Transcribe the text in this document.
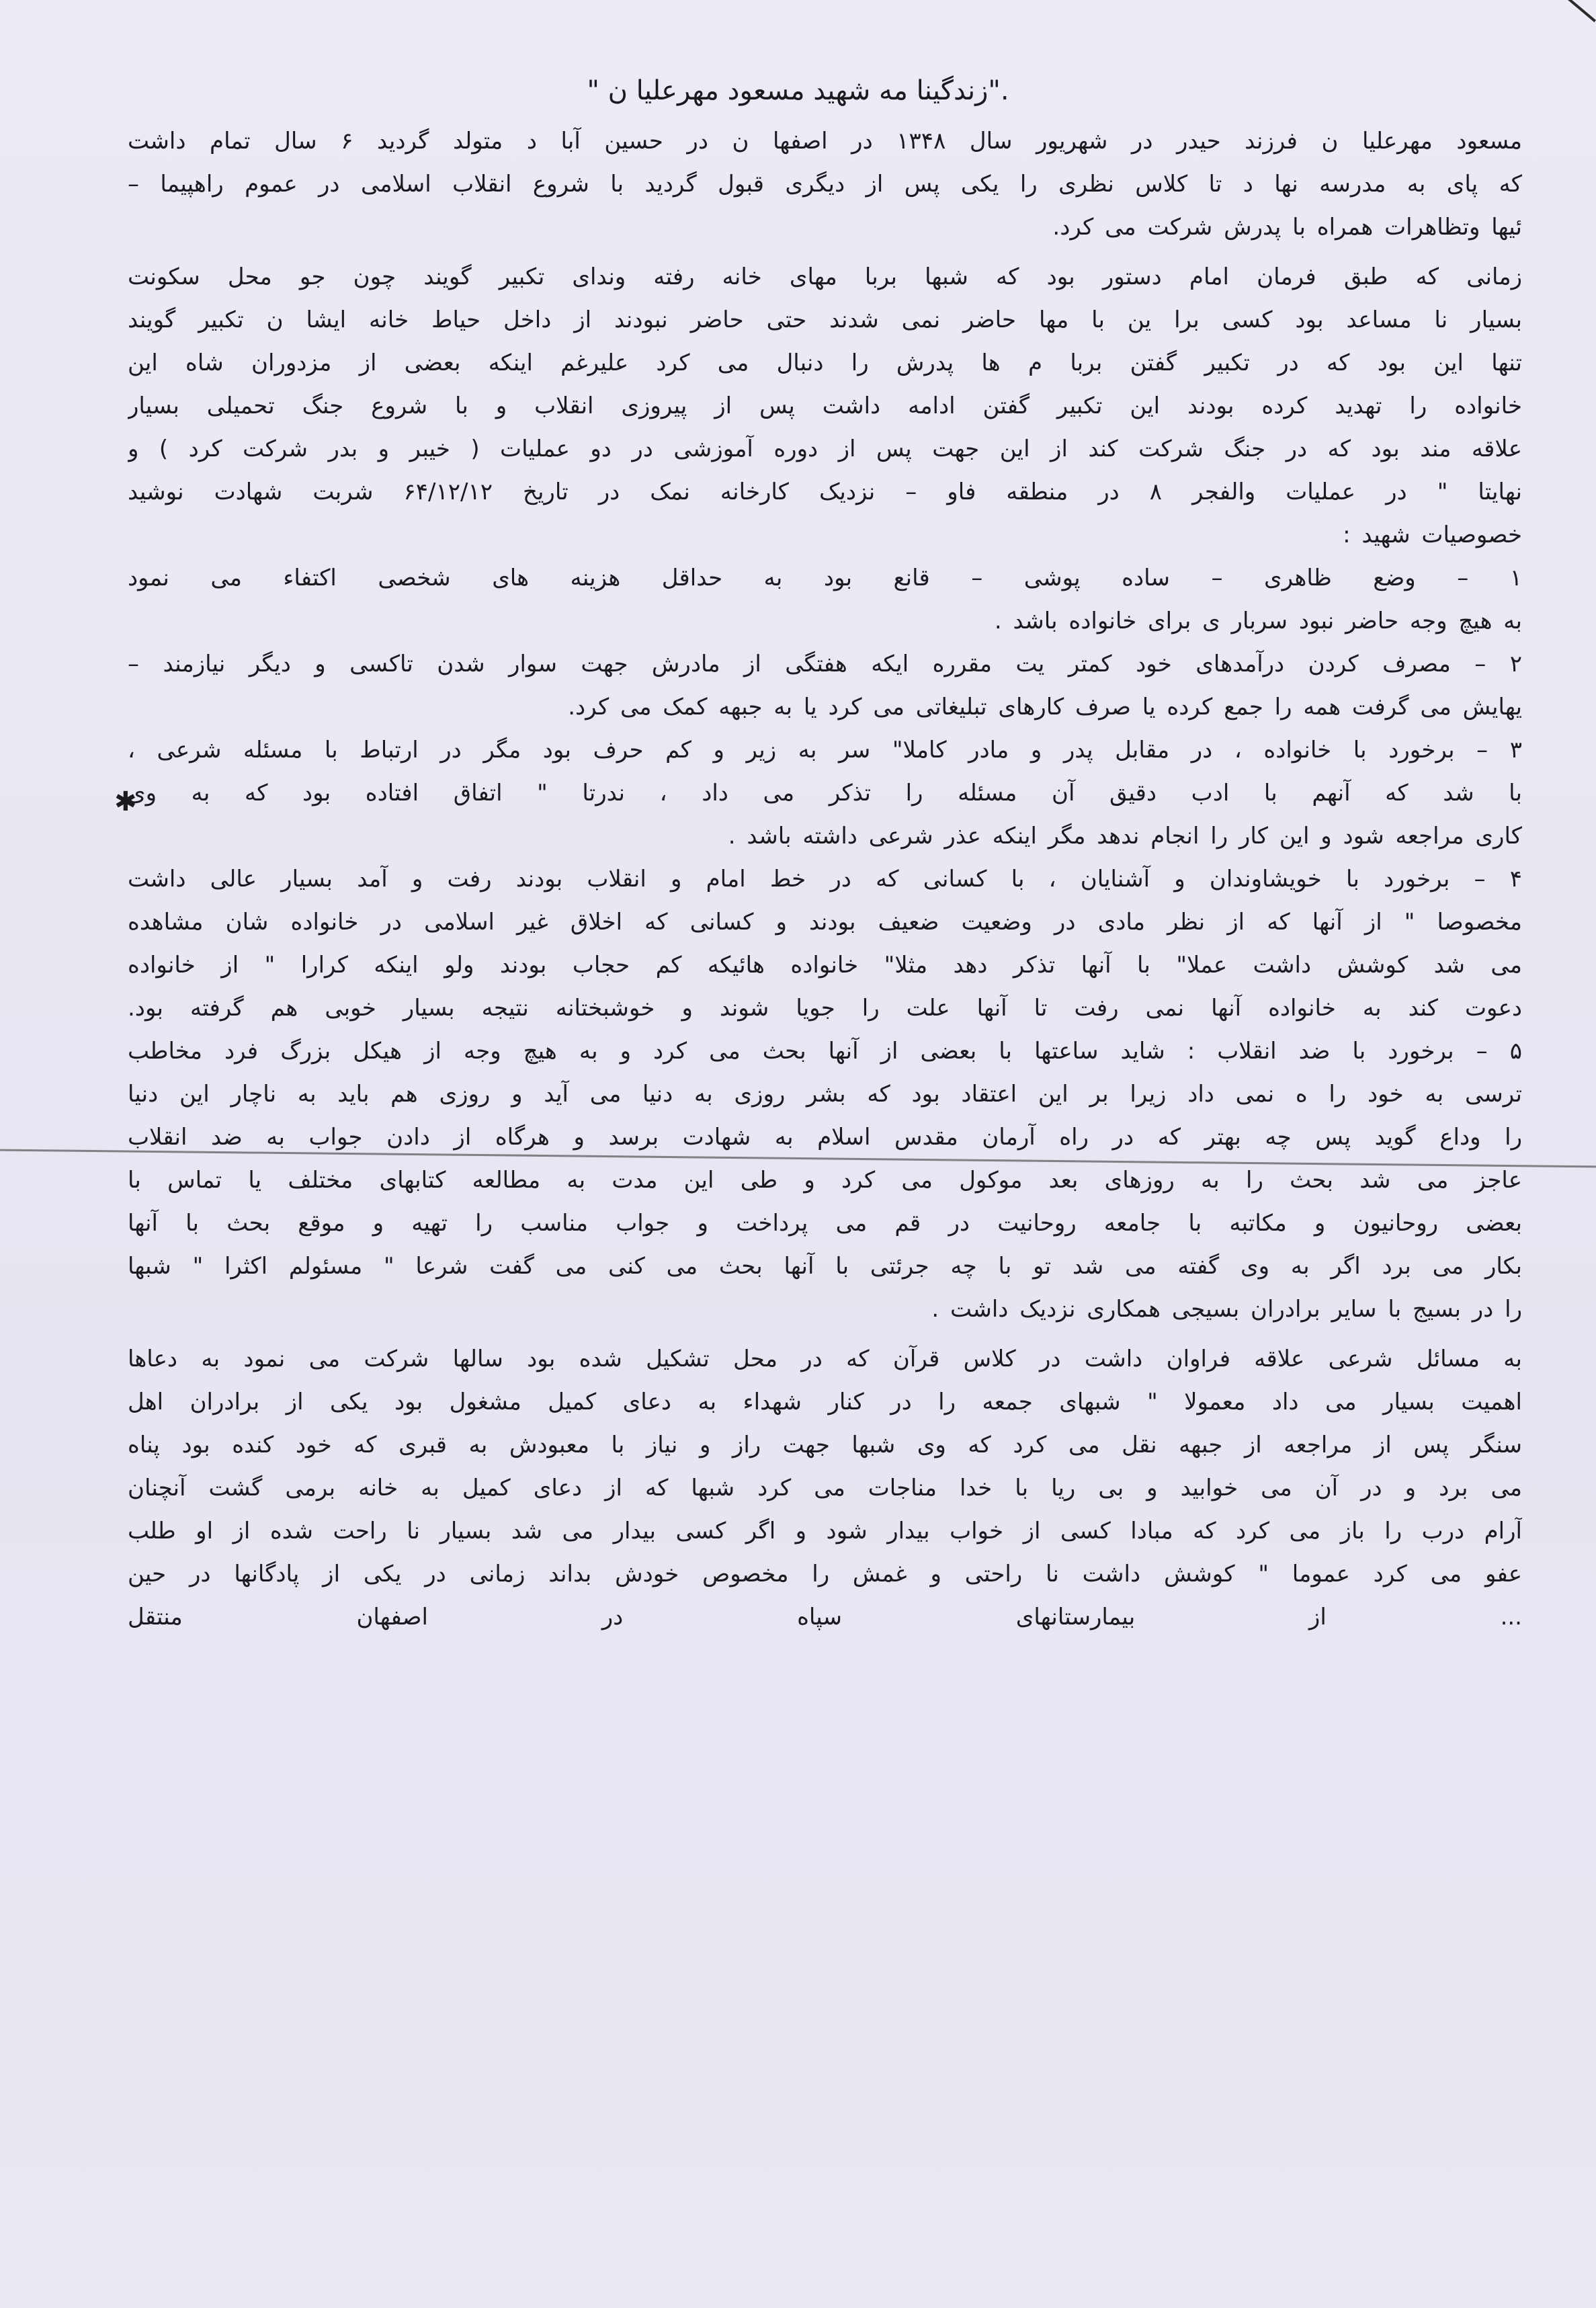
" زندگینا مه شهید مسعود مهرعلیا ن".
✱
مسعود مهرعلیا ن فرزند حیدر در شهریور سال ۱۳۴۸ در اصفها ن در حسین آبا د متولد گردید ۶ سال تمام داشت
که پای به مدرسه نها د تا کلاس نظری را یکی پس از دیگری قبول گردید با شروع انقلاب اسلامی در عموم راهپیما –
ئیها وتظاهرات همراه با پدرش شرکت می کرد.
زمانی که طبق فرمان امام دستور بود که شبها بربا مهای خانه رفته وندای تکبیر گویند چون جو محل سکونت
بسیار نا مساعد بود کسی برا ین با مها حاضر نمی شدند حتی حاضر نبودند از داخل حیاط خانه ایشا ن تکبیر گویند
تنها این بود که در تکبیر گفتن بربا م ها پدرش را دنبال می کرد علیرغم اینکه بعضی از مزدوران شاه این
خانواده را تهدید کرده بودند این تکبیر گفتن ادامه داشت پس از پیروزی انقلاب و با شروع جنگ تحمیلی بسیار
علاقه مند بود که در جنگ شرکت کند از این جهت پس از دوره آموزشی در دو عملیات ( خیبر و بدر شرکت کرد ) و
نهایتا " در عملیات والفجر ۸ در منطقه فاو – نزدیک کارخانه نمک در تاریخ ۶۴/۱۲/۱۲ شربت شهادت نوشید
خصوصیات شهید :
۱ – وضع ظاهری – ساده پوشی – قانع بود به حداقل هزینه های شخصی اکتفاء می نمود
به هیچ وجه حاضر نبود سربار ی برای خانواده باشد .
۲ – مصرف کردن درآمدهای خود کمتر یت مقرره ایکه هفتگی از مادرش جهت سوار شدن تاکسی و دیگر نیازمند –
یهایش می گرفت همه را جمع کرده یا صرف کارهای تبلیغاتی می کرد یا به جبهه کمک می کرد.
۳ – برخورد با خانواده ، در مقابل پدر و مادر کاملا" سر به زیر و کم حرف بود مگر در ارتباط با مسئله شرعی ،
با شد که آنهم با ادب دقیق آن مسئله را تذکر می داد ، ندرتا " اتفاق افتاده بود که به وی
کاری مراجعه شود و این کار را انجام ندهد مگر اینکه عذر شرعی داشته باشد .
۴ – برخورد با خویشاوندان و آشنایان ، با کسانی که در خط امام و انقلاب بودند رفت و آمد بسیار عالی داشت
مخصوصا " از آنها که از نظر مادی در وضعیت ضعیف بودند و کسانی که اخلاق غیر اسلامی در خانواده شان مشاهده
می شد کوشش داشت عملا" با آنها تذکر دهد مثلا" خانواده هائیکه کم حجاب بودند ولو اینکه کرارا " از خانواده
دعوت کند به خانواده آنها نمی رفت تا آنها علت را جویا شوند و خوشبختانه نتیجه بسیار خوبی هم گرفته بود.
۵ – برخورد با ضد انقلاب : شاید ساعتها با بعضی از آنها بحث می کرد و به هیچ وجه از هیکل بزرگ فرد مخاطب
ترسی به خود را ه نمی داد زیرا بر این اعتقاد بود که بشر روزی به دنیا می آید و روزی هم باید به ناچار این دنیا
را وداع گوید پس چه بهتر که در راه آرمان مقدس اسلام به شهادت برسد و هرگاه از دادن جواب به ضد انقلاب
عاجز می شد بحث را به روزهای بعد موکول می کرد و طی این مدت به مطالعه کتابهای مختلف یا تماس با
بعضی روحانیون و مکاتبه با جامعه روحانیت در قم می پرداخت و جواب مناسب را تهیه و موقع بحث با آنها
بکار می برد اگر به وی گفته می شد تو با چه جرئتی با آنها بحث می کنی می گفت شرعا " مسئولم اکثرا " شبها
را در بسیج با سایر برادران بسیجی همکاری نزدیک داشت .
به مسائل شرعی علاقه فراوان داشت در کلاس قرآن که در محل تشکیل شده بود سالها شرکت می نمود به دعاها
اهمیت بسیار می داد معمولا " شبهای جمعه را در کنار شهداء به دعای کمیل مشغول بود یکی از برادران اهل
سنگر پس از مراجعه از جبهه نقل می کرد که وی شبها جهت راز و نیاز با معبودش به قبری که خود کنده بود پناه
می برد و در آن می خوابید و بی ریا با خدا مناجات می کرد شبها که از دعای کمیل به خانه برمی گشت آنچنان
آرام درب را باز می کرد که مبادا کسی از خواب بیدار شود و اگر کسی بیدار می شد بسیار نا راحت شده از او طلب
عفو می کرد عموما " کوشش داشت نا راحتی و غمش را مخصوص خودش بداند زمانی در یکی از پادگانها در حین
... از بیمارستانهای سپاه در اصفهان منتقل
